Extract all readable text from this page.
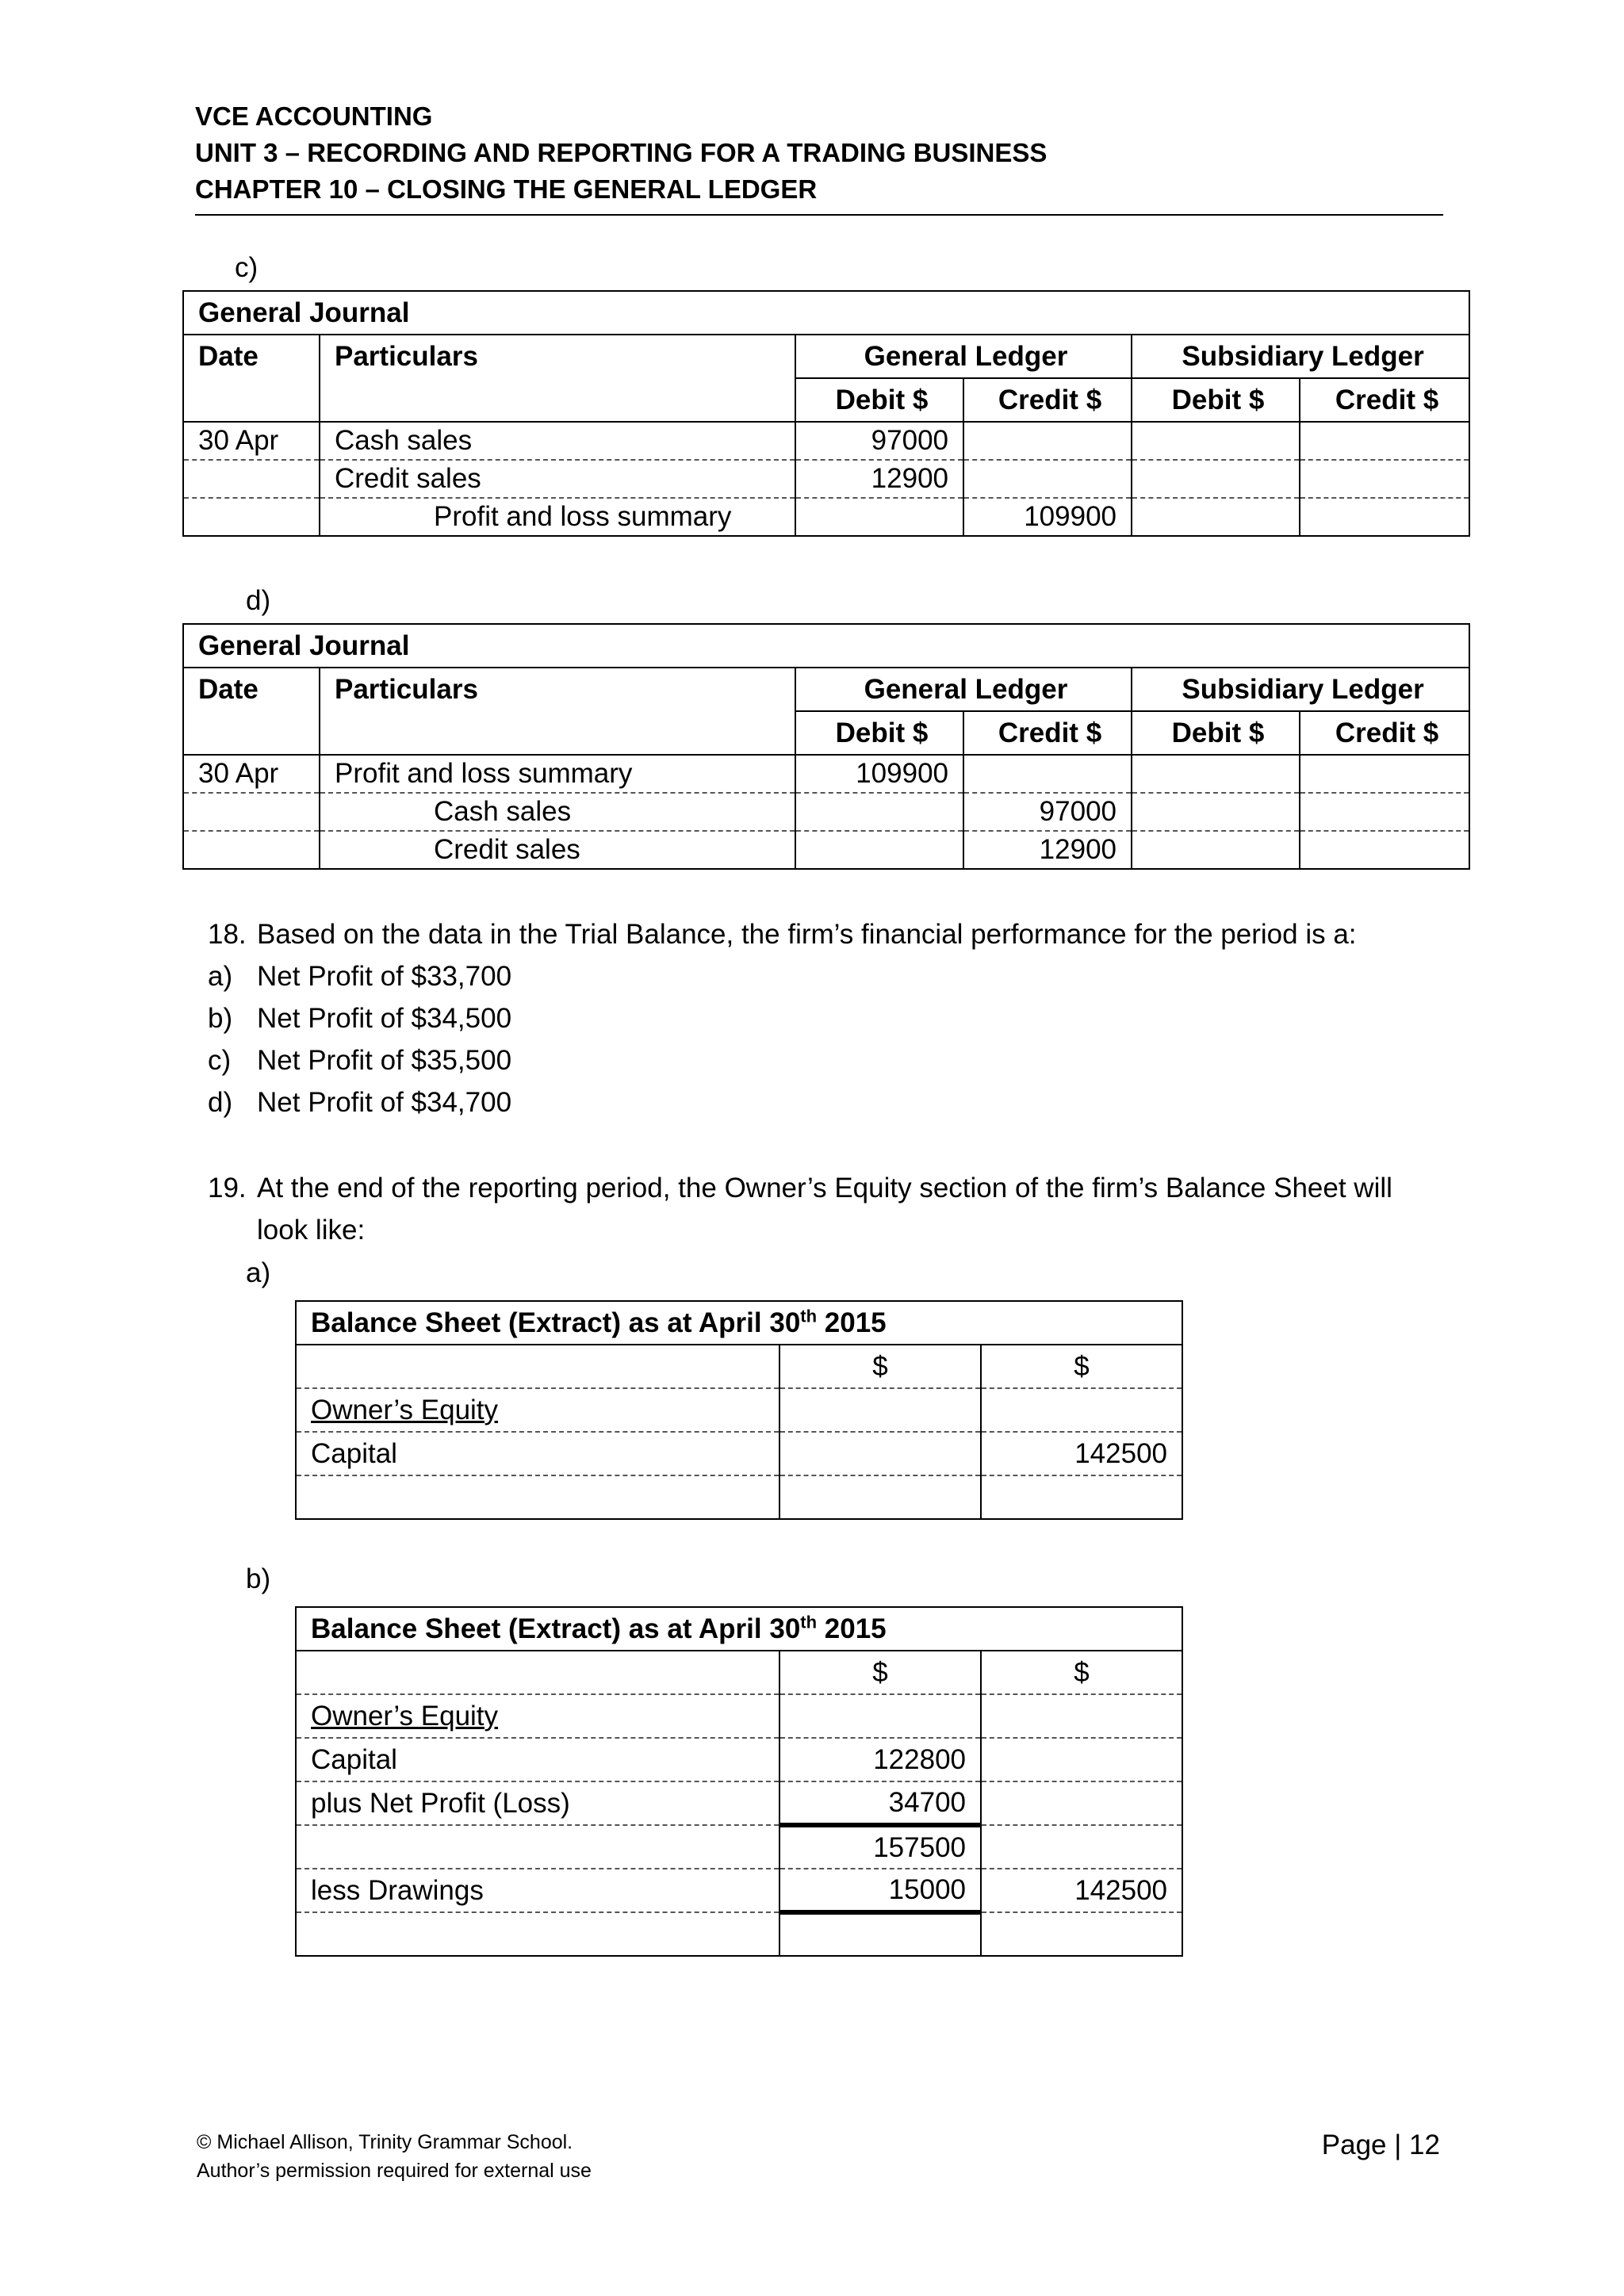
VCE ACCOUNTING
UNIT 3 – RECORDING AND REPORTING FOR A TRADING BUSINESS
CHAPTER 10 – CLOSING THE GENERAL LEDGER
c)
General Journal					
Date	Particulars	General Ledger		Subsidiary Ledger	
		Debit $	Credit $	Debit $	Credit $
30 Apr	Cash sales	97000			
	Credit sales	12900			
	Profit and loss summary		109900		
d)
General Journal					
Date	Particulars	General Ledger		Subsidiary Ledger	
		Debit $	Credit $	Debit $	Credit $
30 Apr	Profit and loss summary	109900			
	Cash sales		97000		
	Credit sales		12900		
18. Based on the data in the Trial Balance, the firm’s financial performance for the period is a:
a) Net Profit of $33,700
b) Net Profit of $34,500
c) Net Profit of $35,500
d) Net Profit of $34,700
19. At the end of the reporting period, the Owner’s Equity section of the firm’s Balance Sheet will
look like:
a)
Balance Sheet (Extract) as at April 30th 2015		
	$	$
Owner’s Equity		
Capital		142500

b)
Balance Sheet (Extract) as at April 30th 2015		
	$	$
Owner’s Equity		
Capital	122800	
plus Net Profit (Loss)	34700	
	157500	
less Drawings	15000	142500

© Michael Allison, Trinity Grammar School.
Author’s permission required for external use
Page | 12
